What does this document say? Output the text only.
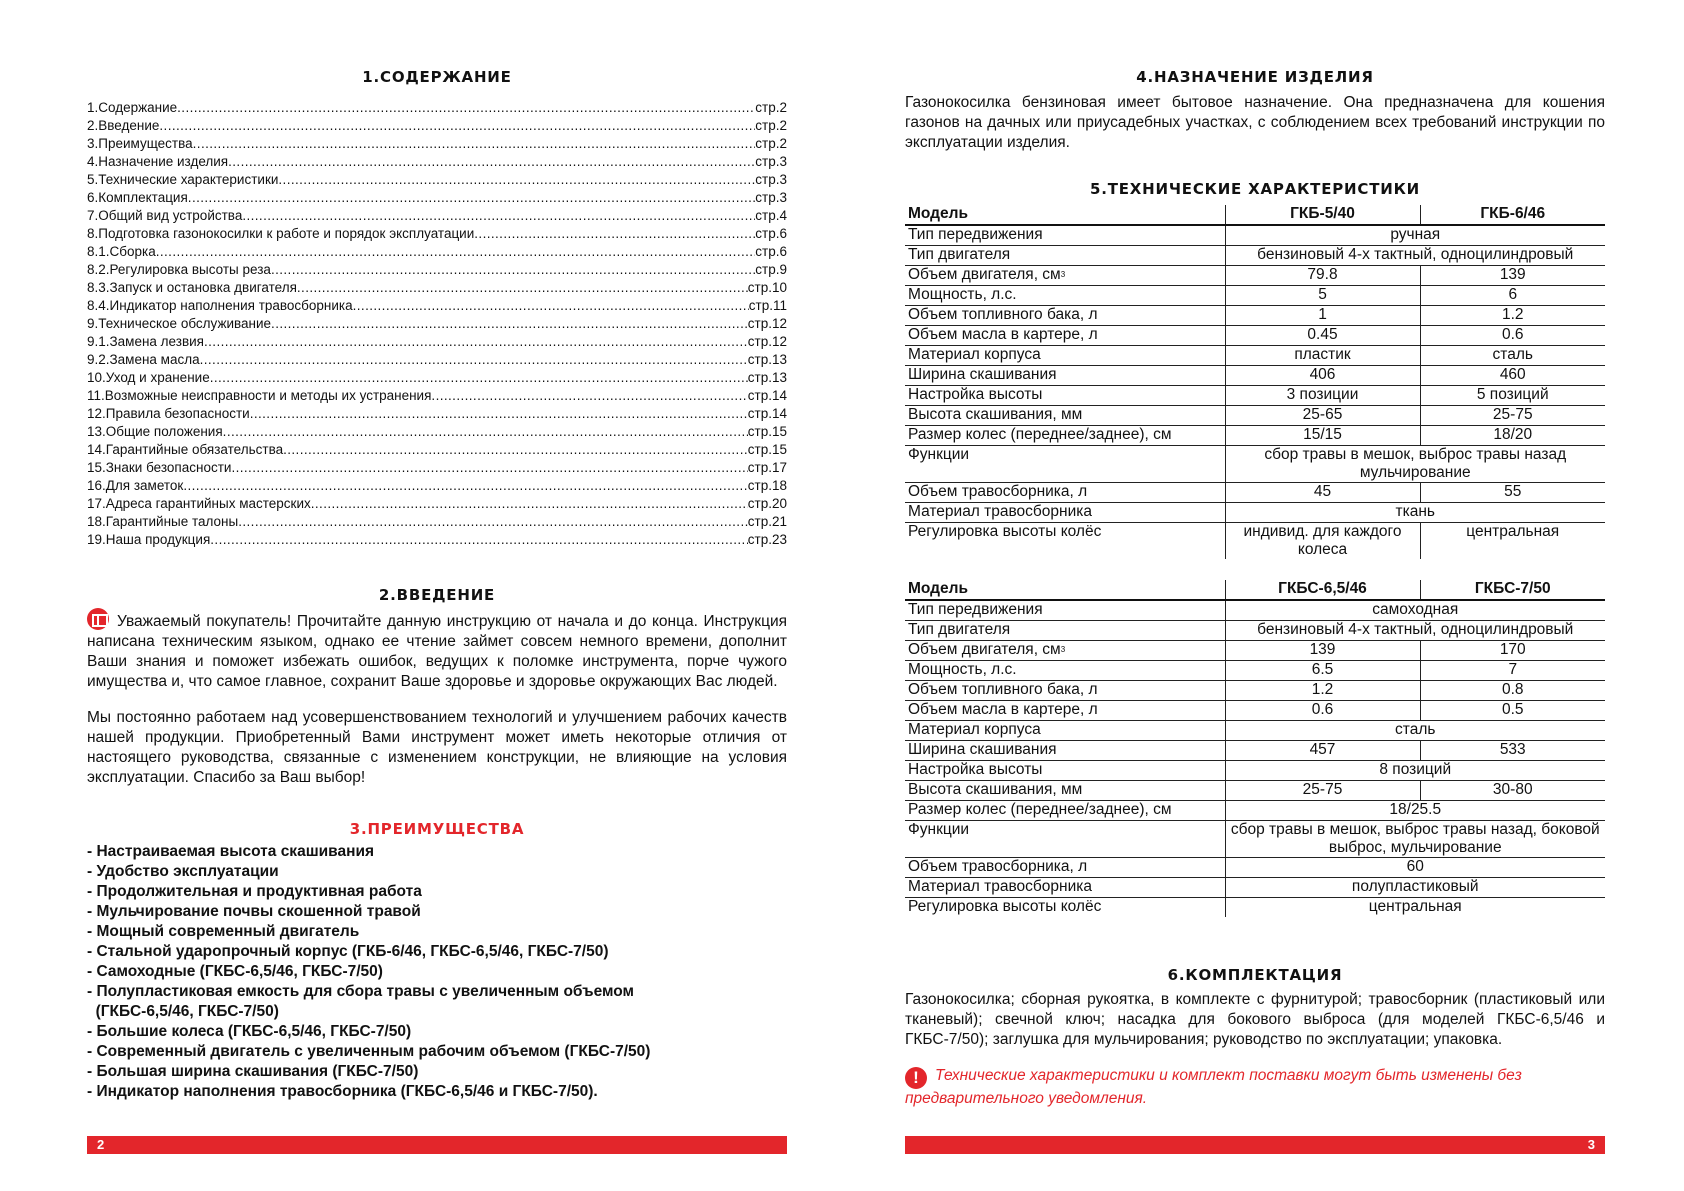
1.СОДЕРЖАНИЕ
1.Содержание .....	стр.2
2.Введение .....	стр.2
3.Преимущества .....	стр.2
4.Назначение изделия .....	стр.3
5.Технические характеристики .....	стр.3
6.Комплектация .....	стр.3
7.Общий вид устройства .....	стр.4
8.Подготовка газонокосилки к работе и порядок эксплуатации .....	стр.6
8.1.Сборка .....	стр.6
8.2.Регулировка высоты реза .....	стр.9
8.3.Запуск и остановка двигателя .....	стр.10
8.4.Индикатор наполнения травосборника .....	стр.11
9.Техническое обслуживание .....	стр.12
9.1.Замена лезвия .....	стр.12
9.2.Замена масла .....	стр.13
10.Уход и хранение .....	стр.13
11.Возможные неисправности и методы их устранения .....	стр.14
12.Правила безопасности .....	стр.14
13.Общие положения .....	стр.15
14.Гарантийные обязательства .....	стр.15
15.Знаки безопасности .....	стр.17
16.Для заметок .....	стр.18
17.Адреса гарантийных мастерских .....	стр.20
18.Гарантийные талоны .....	стр.21
19.Наша продукция .....	стр.23
2.ВВЕДЕНИЕ
Уважаемый покупатель! Прочитайте данную инструкцию от начала и до конца. Инструкция написана техническим языком, однако ее чтение займет совсем немного времени, дополнит Ваши знания и поможет избежать ошибок, ведущих к поломке инструмента, порче чужого имущества и, что самое главное, сохранит Ваше здоровье и здоровье окружающих Вас людей.
Мы постоянно работаем над усовершенствованием технологий и улучшением рабочих качеств нашей продукции. Приобретенный Вами инструмент может иметь некоторые отличия от настоящего руководства, связанные с изменением конструкции, не влияющие на условия эксплуатации. Спасибо за Ваш выбор!
3.ПРЕИМУЩЕСТВА
- Настраиваемая высота скашивания
- Удобство эксплуатации
- Продолжительная и продуктивная работа
- Мульчирование почвы скошенной травой
- Мощный современный двигатель
- Стальной ударопрочный корпус (ГКБ-6/46, ГКБС-6,5/46, ГКБС-7/50)
- Самоходные (ГКБС-6,5/46, ГКБС-7/50)
- Полупластиковая емкость для сбора травы с увеличенным объемом
(ГКБС-6,5/46, ГКБС-7/50)
- Большие колеса (ГКБС-6,5/46, ГКБС-7/50)
- Современный двигатель с увеличенным рабочим объемом (ГКБС-7/50)
- Большая ширина скашивания (ГКБС-7/50)
- Индикатор наполнения травосборника (ГКБС-6,5/46 и ГКБС-7/50).
2
4.НАЗНАЧЕНИЕ ИЗДЕЛИЯ
Газонокосилка бензиновая имеет бытовое назначение. Она предназначена для кошения газонов на дачных или приусадебных участках, с соблюдением всех требований инструкции по эксплуатации изделия.
5.ТЕХНИЧЕСКИЕ ХАРАКТЕРИСТИКИ
Модель	ГКБ-5/40	ГКБ-6/46
Тип передвижения	ручная	
Тип двигателя	бензиновый 4-х тактный, одноцилиндровый	
Объем двигателя, $см^3$	79.8	139
Мощность, л.с.	5	6
Объем топливного бака, л	1	1.2
Объем масла в картере, л	0.45	0.6
Материал корпуса	пластик	сталь
Ширина скашивания	406	460
Настройка высоты	3 позиции	5 позиций
Высота скашивания, мм	25-65	25-75
Размер колес (переднее/заднее), см	15/15	18/20
Функции	сбор травы в мешок, выброс травы назад мульчирование	
Объем травосборника, л	45	55
Материал травосборника	ткань	
Регулировка высоты колёс	индивид. для каждого колеса	центральная
Модель	ГКБС-6,5/46	ГКБС-7/50
Тип передвижения	самоходная	
Тип двигателя	бензиновый 4-х тактный, одноцилиндровый	
Объем двигателя, $см^3$	139	170
Мощность, л.с.	6.5	7
Объем топливного бака, л	1.2	0.8
Объем масла в картере, л	0.6	0.5
Материал корпуса	сталь	
Ширина скашивания	457	533
Настройка высоты	8 позиций	
Высота скашивания, мм	25-75	30-80
Размер колес (переднее/заднее), см	18/25.5	
Функции	сбор травы в мешок, выброс травы назад, боковой выброс, мульчирование	
Объем травосборника, л	60	
Материал травосборника	полупластиковый	
Регулировка высоты колёс	центральная	
6.КОМПЛЕКТАЦИЯ
Газонокосилка; сборная рукоятка, в комплекте с фурнитурой; травосборник (пластиковый или тканевый); свечной ключ; насадка для бокового выброса (для моделей ГКБС-6,5/46 и ГКБС-7/50); заглушка для мульчирования; руководство по эксплуатации; упаковка.
! Технические характеристики и комплект поставки могут быть изменены без предварительного уведомления.
3
